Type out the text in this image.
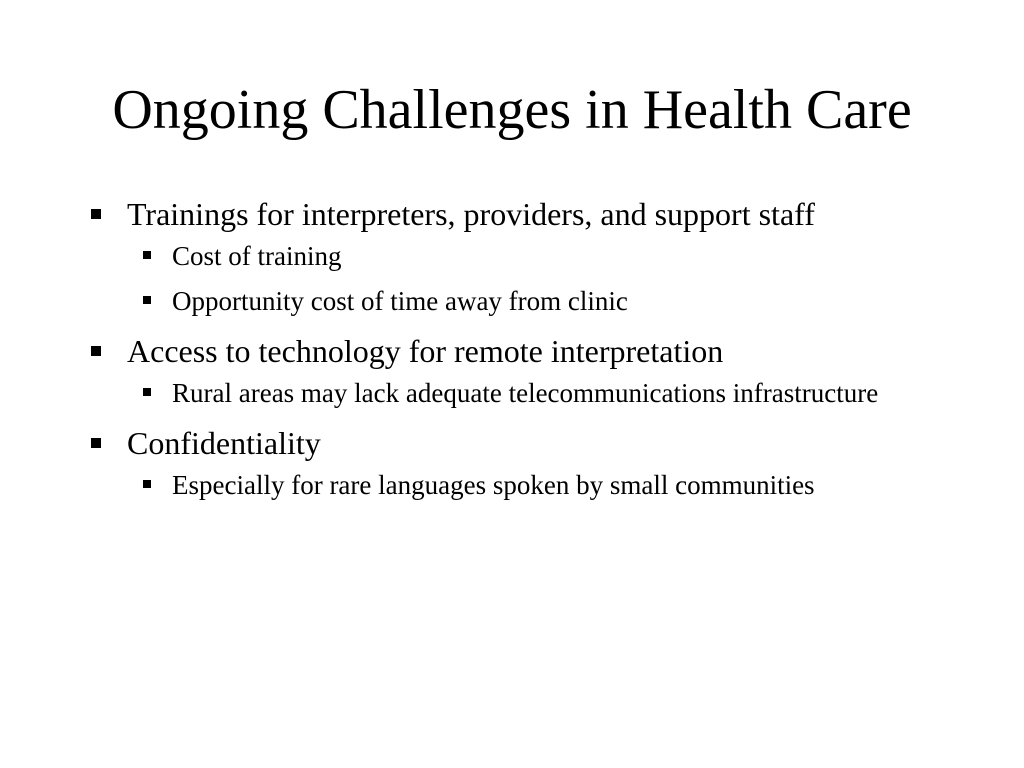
Ongoing Challenges in Health Care
Trainings for interpreters, providers, and support staff
Cost of training
Opportunity cost of time away from clinic
Access to technology for remote interpretation
Rural areas may lack adequate telecommunications infrastructure
Confidentiality
Especially for rare languages spoken by small communities
